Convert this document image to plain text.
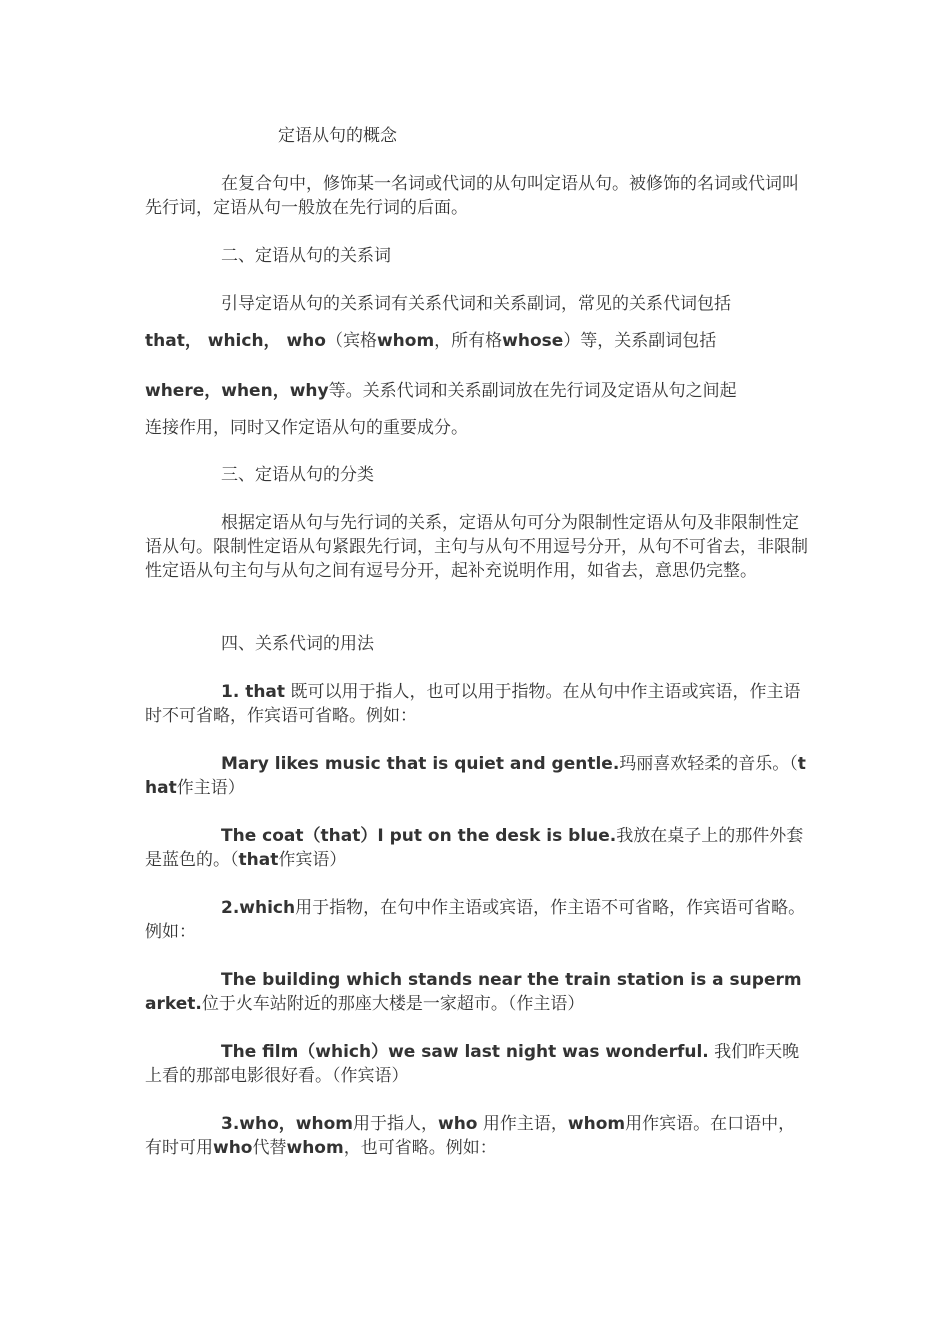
定语从句的概念

在复合句中，修饰某一名词或代词的从句叫定语从句。被修饰的名词或代词叫先行词，定语从句一般放在先行词的后面。

二、定语从句的关系词

引导定语从句的关系词有关系代词和关系副词，常见的关系代词包括

that， which， who（宾格whom，所有格whose）等，关系副词包括

where，when，why等。关系代词和关系副词放在先行词及定语从句之间起

连接作用，同时又作定语从句的重要成分。

三、定语从句的分类

根据定语从句与先行词的关系，定语从句可分为限制性定语从句及非限制性定语从句。限制性定语从句紧跟先行词，主句与从句不用逗号分开，从句不可省去，非限制性定语从句主句与从句之间有逗号分开，起补充说明作用，如省去，意思仍完整。

四、关系代词的用法

1. that 既可以用于指人，也可以用于指物。在从句中作主语或宾语，作主语时不可省略，作宾语可省略。例如：

Mary likes music that is quiet and gentle.玛丽喜欢轻柔的音乐。（that作主语）

The coat（that）I put on the desk is blue.我放在桌子上的那件外套是蓝色的。（that作宾语）

2.which用于指物，在句中作主语或宾语，作主语不可省略，作宾语可省略。例如：

The building which stands near the train station is a supermarket.位于火车站附近的那座大楼是一家超市。（作主语）

The film（which）we saw last night was wonderful. 我们昨天晚上看的那部电影很好看。（作宾语）

3.who，whom用于指人，who 用作主语，whom用作宾语。在口语中，有时可用who代替whom，也可省略。例如：
